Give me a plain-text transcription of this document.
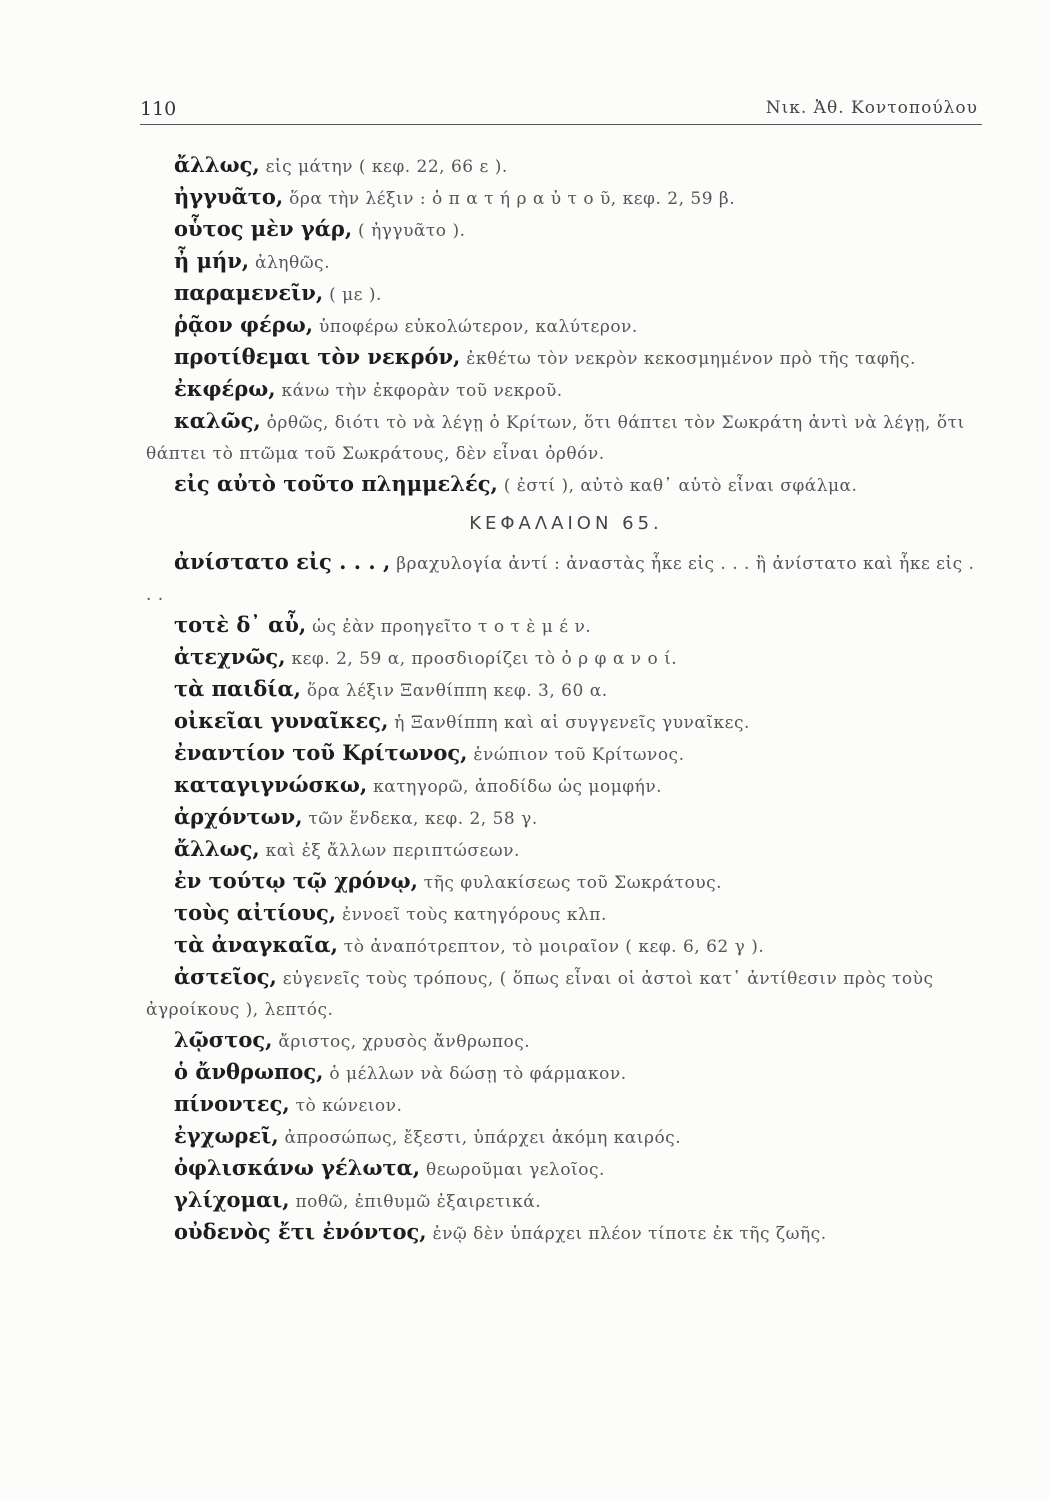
110	Νικ. Ἀθ. Κοντοπούλου

ἄλλως, εἰς μάτην ( κεφ. 22, 66 ε ).

ἠγγυᾶτο, ὅρα τὴν λέξιν : ὁ π α τ ή ρ α ὐ τ ο ῦ, κεφ. 2, 59 β.

οὗτος μὲν γάρ, ( ἠγγυᾶτο ).

ἦ μήν, ἀληθῶς.

παραμενεῖν, ( με ).

ῥᾷον φέρω, ὑποφέρω εὐκολώτερον, καλύτερον.

προτίθεμαι τὸν νεκρόν, ἐκθέτω τὸν νεκρὸν κεκοσμημένον πρὸ τῆς ταφῆς.

ἐκφέρω, κάνω τὴν ἐκφορὰν τοῦ νεκροῦ.

καλῶς, ὀρθῶς, διότι τὸ νὰ λέγῃ ὁ Κρίτων, ὅτι θάπτει τὸν Σωκράτη ἀντὶ νὰ λέγῃ, ὅτι θάπτει τὸ πτῶμα τοῦ Σωκράτους, δὲν εἶναι ὀρθόν.

εἰς αὐτὸ τοῦτο πλημμελές, ( ἐστί ), αὐτὸ καθ᾽ αὑτὸ εἶναι σφάλμα.

ΚΕΦΑΛΑΙΟΝ 65.

ἀνίστατο εἰς . . . , βραχυλογία ἀντί : ἀναστὰς ἧκε εἰς . . . ἢ ἀνίστατο καὶ ἧκε εἰς . . .

τοτὲ δ᾽ αὖ, ὡς ἐὰν προηγεῖτο τ ο τ ὲ μ έ ν.

ἀτεχνῶς, κεφ. 2, 59 α, προσδιορίζει τὸ ὀ ρ φ α ν ο ί.

τὰ παιδία, ὅρα λέξιν Ξανθίππη κεφ. 3, 60 α.

οἰκεῖαι γυναῖκες, ἡ Ξανθίππη καὶ αἱ συγγενεῖς γυναῖκες.

ἐναντίον τοῦ Κρίτωνος, ἐνώπιον τοῦ Κρίτωνος.

καταγιγνώσκω, κατηγορῶ, ἀποδίδω ὡς μομφήν.

ἀρχόντων, τῶν ἕνδεκα, κεφ. 2, 58 γ.

ἄλλως, καὶ ἐξ ἄλλων περιπτώσεων.

ἐν τούτῳ τῷ χρόνῳ, τῆς φυλακίσεως τοῦ Σωκράτους.

τοὺς αἰτίους, ἐννοεῖ τοὺς κατηγόρους κλπ.

τὰ ἀναγκαῖα, τὸ ἀναπότρεπτον, τὸ μοιραῖον ( κεφ. 6, 62 γ ).

ἀστεῖος, εὐγενεῖς τοὺς τρόπους, ( ὅπως εἶναι οἱ ἀστοὶ κατ᾽ ἀντίθεσιν πρὸς τοὺς ἀγροίκους ), λεπτός.

λῷστος, ἄριστος, χρυσὸς ἄνθρωπος.

ὁ ἄνθρωπος, ὁ μέλλων νὰ δώσῃ τὸ φάρμακον.

πίνοντες, τὸ κώνειον.

ἐγχωρεῖ, ἀπροσώπως, ἔξεστι, ὑπάρχει ἀκόμη καιρός.

ὀφλισκάνω γέλωτα, θεωροῦμαι γελοῖος.

γλίχομαι, ποθῶ, ἐπιθυμῶ ἐξαιρετικά.

οὐδενὸς ἔτι ἐνόντος, ἐνῷ δὲν ὑπάρχει πλέον τίποτε ἐκ τῆς ζωῆς.
